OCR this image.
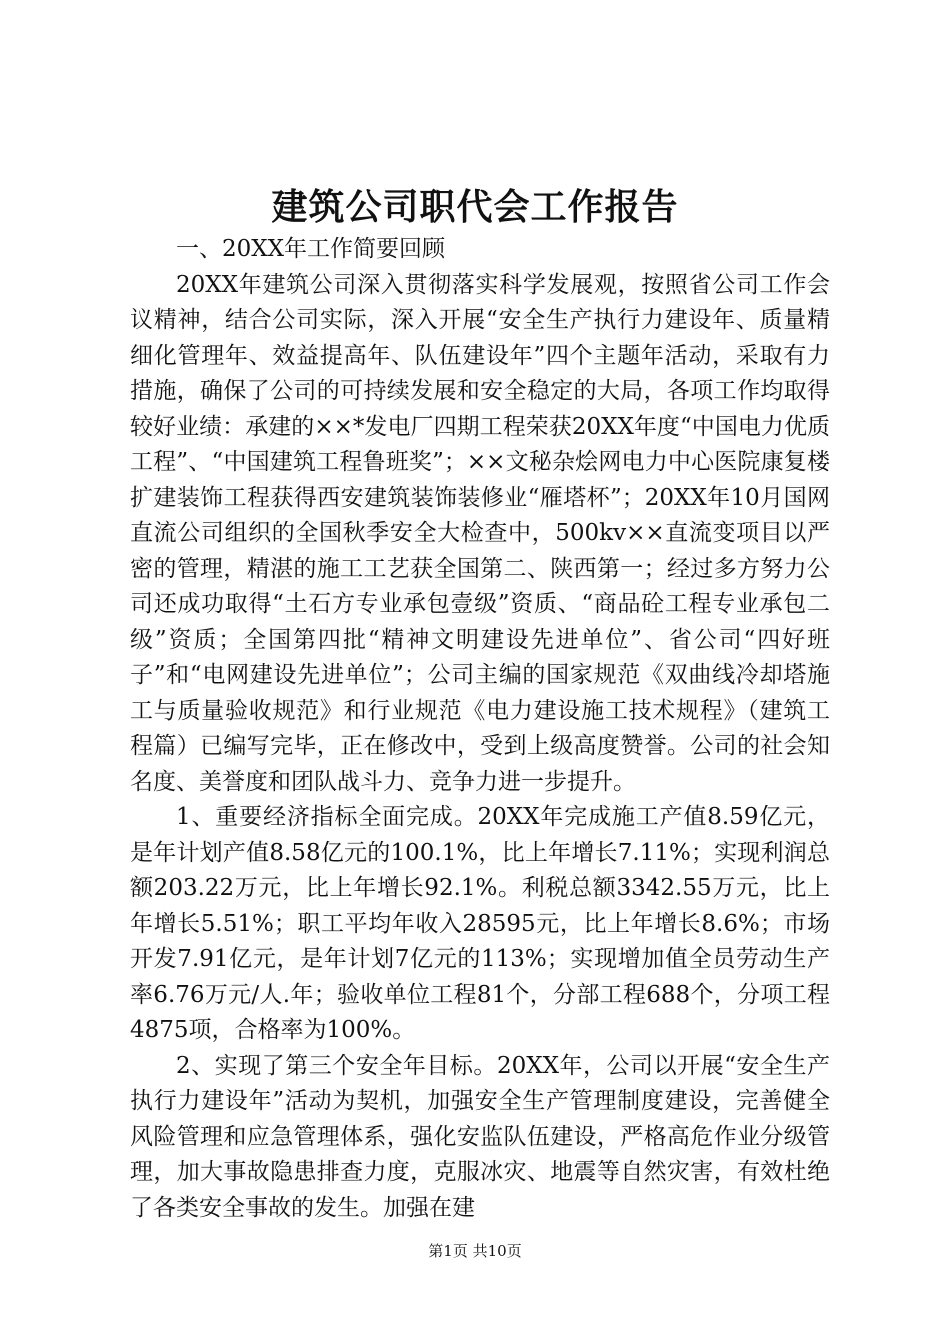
建筑公司职代会工作报告

一、20XX年工作简要回顾

20XX年建筑公司深入贯彻落实科学发展观，按照省公司工作会议精神，结合公司实际，深入开展“安全生产执行力建设年、质量精细化管理年、效益提高年、队伍建设年”四个主题年活动，采取有力措施，确保了公司的可持续发展和安全稳定的大局，各项工作均取得较好业绩：承建的××*发电厂四期工程荣获20XX年度“中国电力优质工程”、“中国建筑工程鲁班奖”；××文秘杂烩网电力中心医院康复楼扩建装饰工程获得西安建筑装饰装修业“雁塔杯”；20XX年10月国网直流公司组织的全国秋季安全大检查中，500kv××直流变项目以严密的管理，精湛的施工工艺获全国第二、陕西第一；经过多方努力公司还成功取得“土石方专业承包壹级”资质、“商品砼工程专业承包二级”资质；全国第四批“精神文明建设先进单位”、省公司“四好班子”和“电网建设先进单位”；公司主编的国家规范《双曲线冷却塔施工与质量验收规范》和行业规范《电力建设施工技术规程》（建筑工程篇）已编写完毕，正在修改中，受到上级高度赞誉。公司的社会知名度、美誉度和团队战斗力、竞争力进一步提升。

1、重要经济指标全面完成。20XX年完成施工产值8.59亿元，是年计划产值8.58亿元的100.1%，比上年增长7.11%；实现利润总额203.22万元，比上年增长92.1%。利税总额3342.55万元，比上年增长5.51%；职工平均年收入28595元，比上年增长8.6%；市场开发7.91亿元，是年计划7亿元的113%；实现增加值全员劳动生产率6.76万元/人.年；验收单位工程81个，分部工程688个，分项工程4875项，合格率为100%。

2、实现了第三个安全年目标。20XX年，公司以开展“安全生产执行力建设年”活动为契机，加强安全生产管理制度建设，完善健全风险管理和应急管理体系，强化安监队伍建设，严格高危作业分级管理，加大事故隐患排查力度，克服冰灾、地震等自然灾害，有效杜绝了各类安全事故的发生。加强在建

第1页 共10页
